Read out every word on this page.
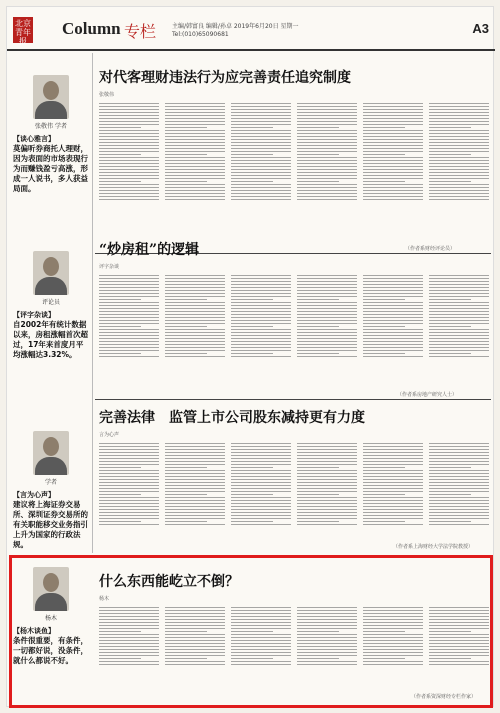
北京青年报
Column 专栏	主编/韩富良 编辑/孙卓 2019年6月20日 星期一
Tel:(010)65090681	A3
张敬伟 学者
【谈心雅言】
莫偏听券商托人理财，因为表面的市场表现行为而赚钱盈亏高涨，形成一人说书，多人获益局面。
评论员
【评字杂谈】
自2002年有统计数据以来，房租涨幅首次超过，17年来首度月平均涨幅达3.32%。
学者
【言为心声】
建议将上海证券交易所、深圳证券交易所的有关职能移交业务指引上升为国家的行政法规。
杨木
【杨木谈鱼】
条件很重要，有条件，一切都好说，没条件，就什么都说不好。
对代客理财违法行为应完善责任追究制度
张敬伟
（作者系财经评论员）
“炒房租”的逻辑
评字杂谈
（作者系房地产研究人士）
完善法律　监管上市公司股东减持更有力度
言为心声
（作者系上海财经大学法学院教授）
什么东西能屹立不倒？
杨木
（作者系资深财经专栏作家）
